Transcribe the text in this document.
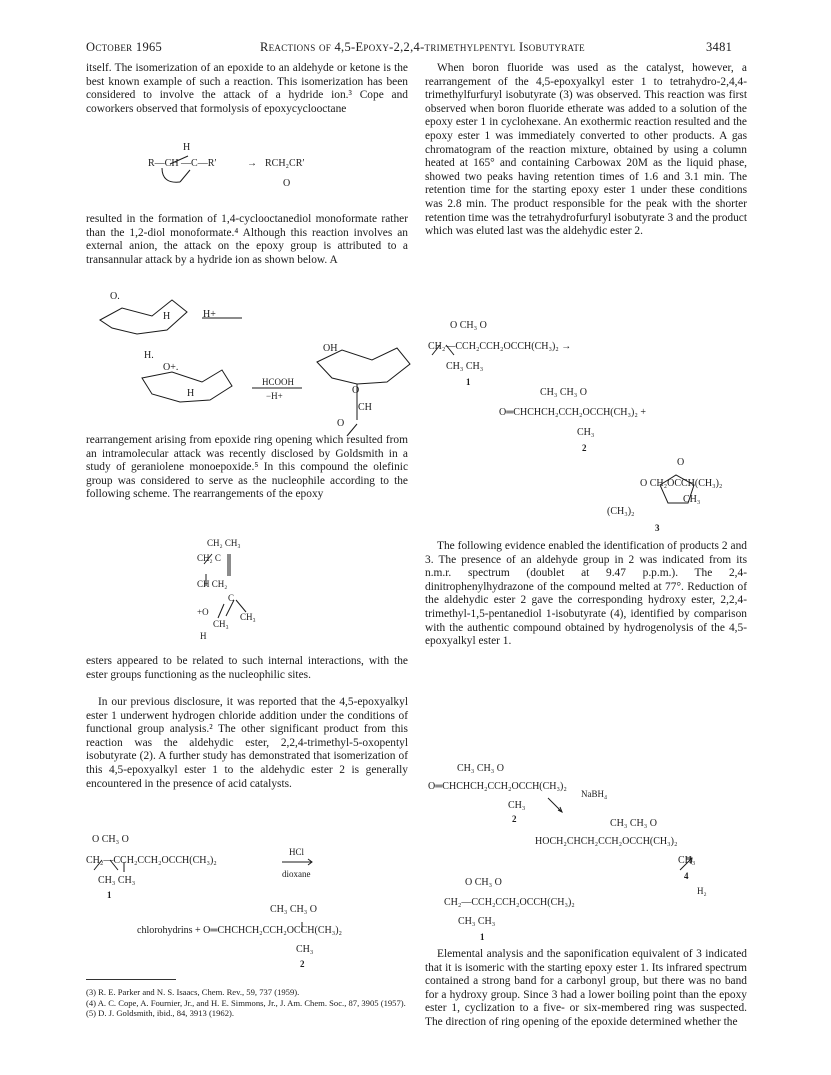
October 1965	Reactions of 4,5-Epoxy-2,2,4-trimethylpentyl Isobutyrate	3481

itself. The isomerization of an epoxide to an aldehyde or ketone is the best known example of such a reaction. This isomerization has been considered to involve the attack of a hydride ion.³ Cope and coworkers observed that formolysis of epoxycyclooctane

H
R—CH —C—R′	→ RCH₂CR′
O

resulted in the formation of 1,4-cyclooctanediol monoformate rather than the 1,2-diol monoformate.⁴ Although this reaction involves an external anion, the attack on the epoxy group is attributed to a transannular attack by a hydride ion as shown below. A

O.
H	H+
H.
O+.
H
OH
HCOOH
−H+	O
CH
O

rearrangement arising from epoxide ring opening which resulted from an intramolecular attack was recently disclosed by Goldsmith in a study of geraniolene monoepoxide.⁵ In this compound the olefinic group was considered to serve as the nucleophile according to the following scheme. The rearrangements of the epoxy

CH₂ CH₃
CH₂ C
CH CH₂
C
+O	CH₃
CH₃
H

esters appeared to be related to such internal interactions, with the ester groups functioning as the nucleophilic sites.

In our previous disclosure, it was reported that the 4,5-epoxyalkyl ester 1 underwent hydrogen chloride addition under the conditions of functional group analysis.² The other significant product from this reaction was the aldehydic ester, 2,2,4-trimethyl-5-oxopentyl isobutyrate (2). A further study has demonstrated that isomerization of this 4,5-epoxyalkyl ester 1 to the aldehydic ester 2 is generally encountered in the presence of acid catalysts.

O CH₃ O
CH₂—CCH₂CCH₂OCCH(CH₃)₂
CH₃ CH₃
1
HCl
dioxane
CH₃ CH₃ O
chlorohydrins + O═CHCHCH₂CCH₂OCCH(CH₃)₂
CH₃
2
(3) R. E. Parker and N. S. Isaacs, Chem. Rev., 59, 737 (1959).
(4) A. C. Cope, A. Fournier, Jr., and H. E. Simmons, Jr., J. Am. Chem. Soc., 87, 3905 (1957).
(5) D. J. Goldsmith, ibid., 84, 3913 (1962).

When boron fluoride was used as the catalyst, however, a rearrangement of the 4,5-epoxyalkyl ester 1 to tetrahydro-2,4,4-trimethylfurfuryl isobutyrate (3) was observed. This reaction was first observed when boron fluoride etherate was added to a solution of the epoxy ester 1 in cyclohexane. An exothermic reaction resulted and the epoxy ester 1 was immediately converted to other products. A gas chromatogram of the reaction mixture, obtained by using a column heated at 165° and containing Carbowax 20M as the liquid phase, showed two peaks having retention times of 1.6 and 3.1 min. The retention time for the starting epoxy ester 1 under these conditions was 2.8 min. The product responsible for the peak with the shorter retention time was the tetrahydrofurfuryl isobutyrate 3 and the product which was eluted last was the aldehydic ester 2.

O CH₃ O
CH₂—CCH₂CCH₂OCCH(CH₃)₂ →
CH₃ CH₃
1
CH₃ CH₃ O
O═CHCHCH₂CCH₂OCCH(CH₃)₂ +
CH₃
2
O
O CH₂OCCH(CH₃)₂
CH₃
(CH₃)₂
3

The following evidence enabled the identification of products 2 and 3. The presence of an aldehyde group in 2 was indicated from its n.m.r. spectrum (doublet at 9.47 p.p.m.). The 2,4-dinitrophenylhydrazone of the compound melted at 77°. Reduction of the aldehydic ester 2 gave the corresponding hydroxy ester, 2,2,4-trimethyl-1,5-pentanediol 1-isobutyrate (4), identified by comparison with the authentic compound obtained by hydrogenolysis of the 4,5-epoxyalkyl ester 1.

CH₃ CH₃ O
O═CHCHCH₂CCH₂OCCH(CH₃)₂
CH₃
2
NaBH₄
CH₃ CH₃ O
HOCH₂CHCH₂CCH₂OCCH(CH₃)₂
CH₃
4
H₂
O CH₃ O
CH₂—CCH₂CCH₂OCCH(CH₃)₂
CH₃ CH₃
1

Elemental analysis and the saponification equivalent of 3 indicated that it is isomeric with the starting epoxy ester 1. Its infrared spectrum contained a strong band for a carbonyl group, but there was no band for a hydroxy group. Since 3 had a lower boiling point than the epoxy ester 1, cyclization to a five- or six-membered ring was suspected. The direction of ring opening of the epoxide determined whether the
